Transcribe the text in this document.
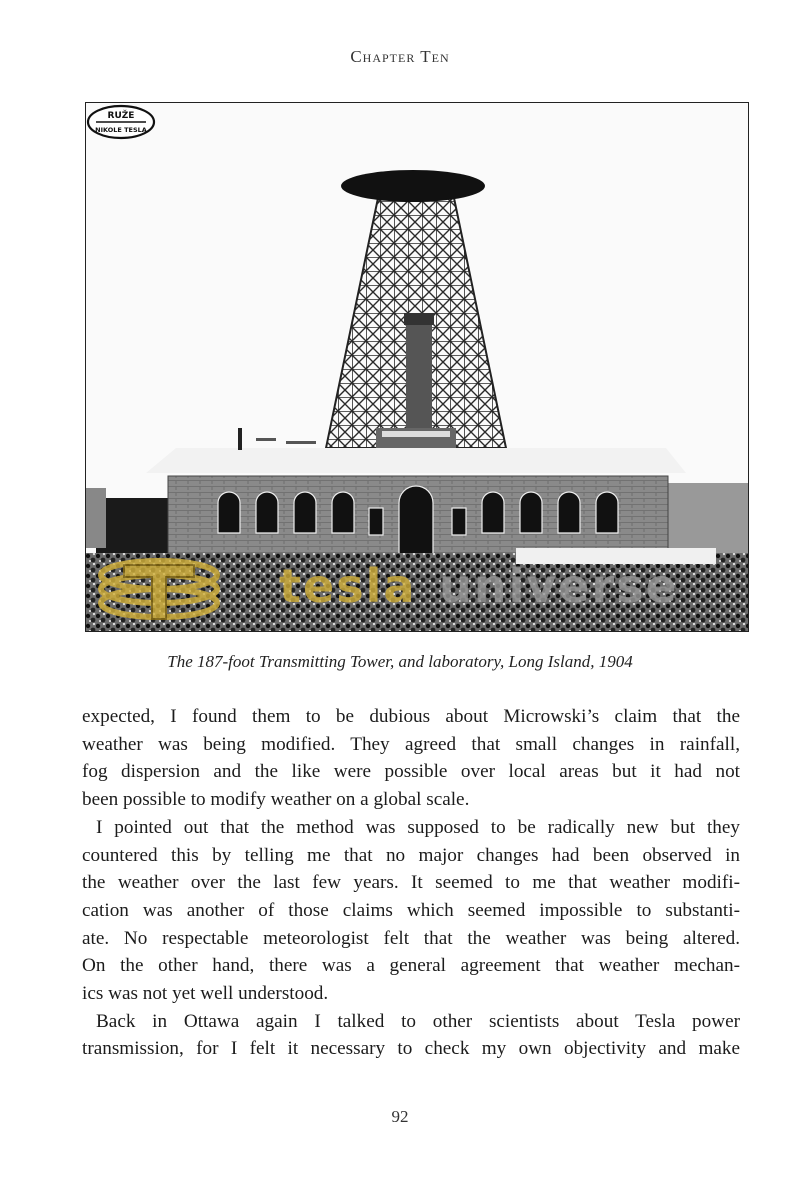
Chapter Ten
RUŽE
NIKOLE TESLA
tesla universe
The 187-foot Transmitting Tower, and laboratory, Long Island, 1904
expected, I found them to be dubious about Microwski’s claim that the
weather was being modified. They agreed that small changes in rainfall,
fog dispersion and the like were possible over local areas but it had not
been possible to modify weather on a global scale.
I pointed out that the method was supposed to be radically new but they
countered this by telling me that no major changes had been observed in
the weather over the last few years. It seemed to me that weather modifi-
cation was another of those claims which seemed impossible to substanti-
ate. No respectable meteorologist felt that the weather was being altered.
On the other hand, there was a general agreement that weather mechan-
ics was not yet well understood.
Back in Ottawa again I talked to other scientists about Tesla power
transmission, for I felt it necessary to check my own objectivity and make
92
